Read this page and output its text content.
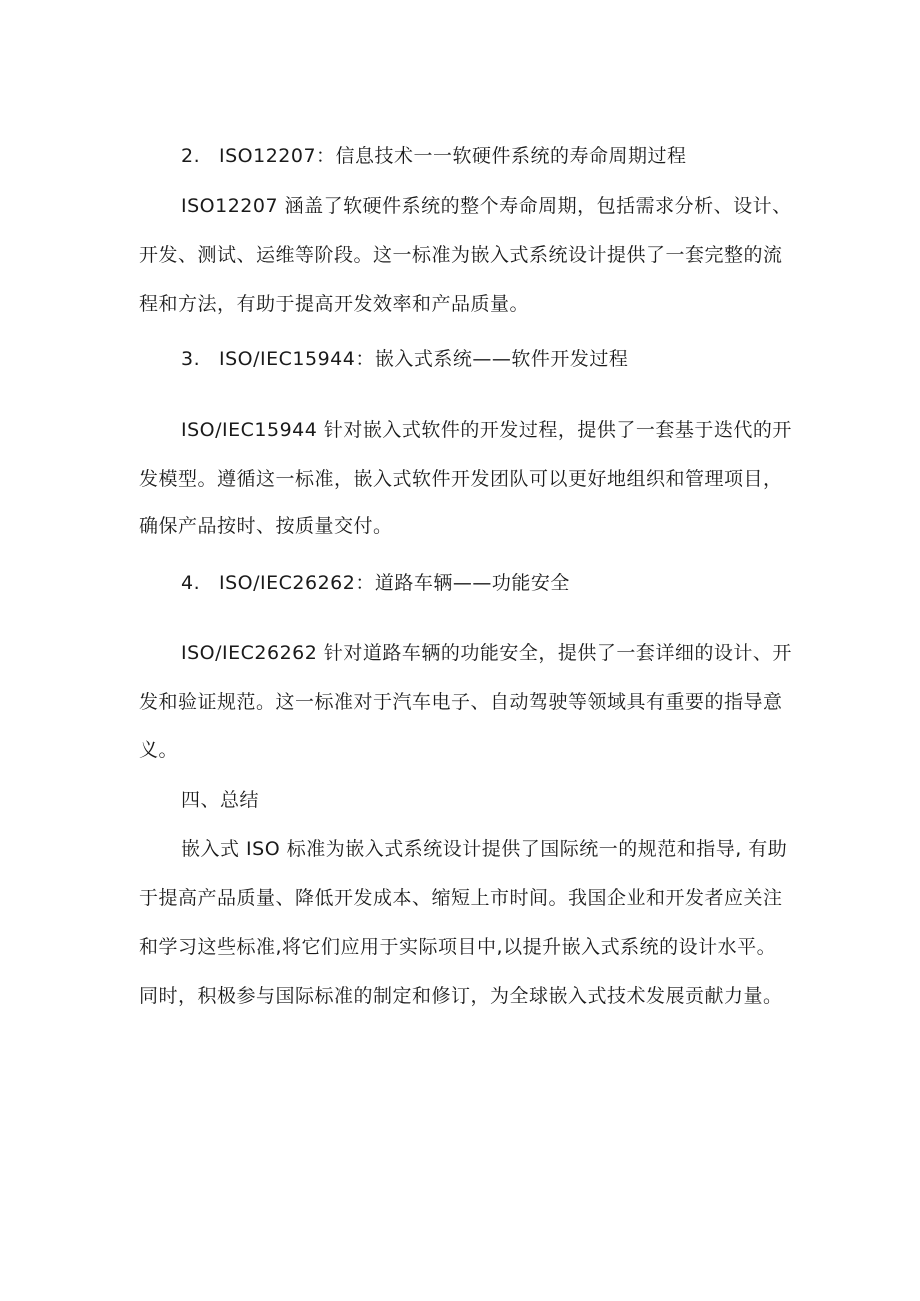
2. ISO12207：信息技术一一软硬件系统的寿命周期过程
ISO12207 涵盖了软硬件系统的整个寿命周期，包括需求分析、设计、
开发、测试、运维等阶段。这一标准为嵌入式系统设计提供了一套完整的流
程和方法，有助于提高开发效率和产品质量。
3. ISO/IEC15944：嵌入式系统——软件开发过程
ISO/IEC15944 针对嵌入式软件的开发过程，提供了一套基于迭代的开
发模型。遵循这一标准，嵌入式软件开发团队可以更好地组织和管理项目，
确保产品按时、按质量交付。
4. ISO/IEC26262：道路车辆——功能安全
ISO/IEC26262 针对道路车辆的功能安全，提供了一套详细的设计、开
发和验证规范。这一标准对于汽车电子、自动驾驶等领域具有重要的指导意
义。
四、总结
嵌入式 ISO 标准为嵌入式系统设计提供了国际统一的规范和指导, 有助
于提高产品质量、降低开发成本、缩短上市时间。我国企业和开发者应关注
和学习这些标准,将它们应用于实际项目中,以提升嵌入式系统的设计水平。
同时，积极参与国际标准的制定和修订，为全球嵌入式技术发展贡献力量。
